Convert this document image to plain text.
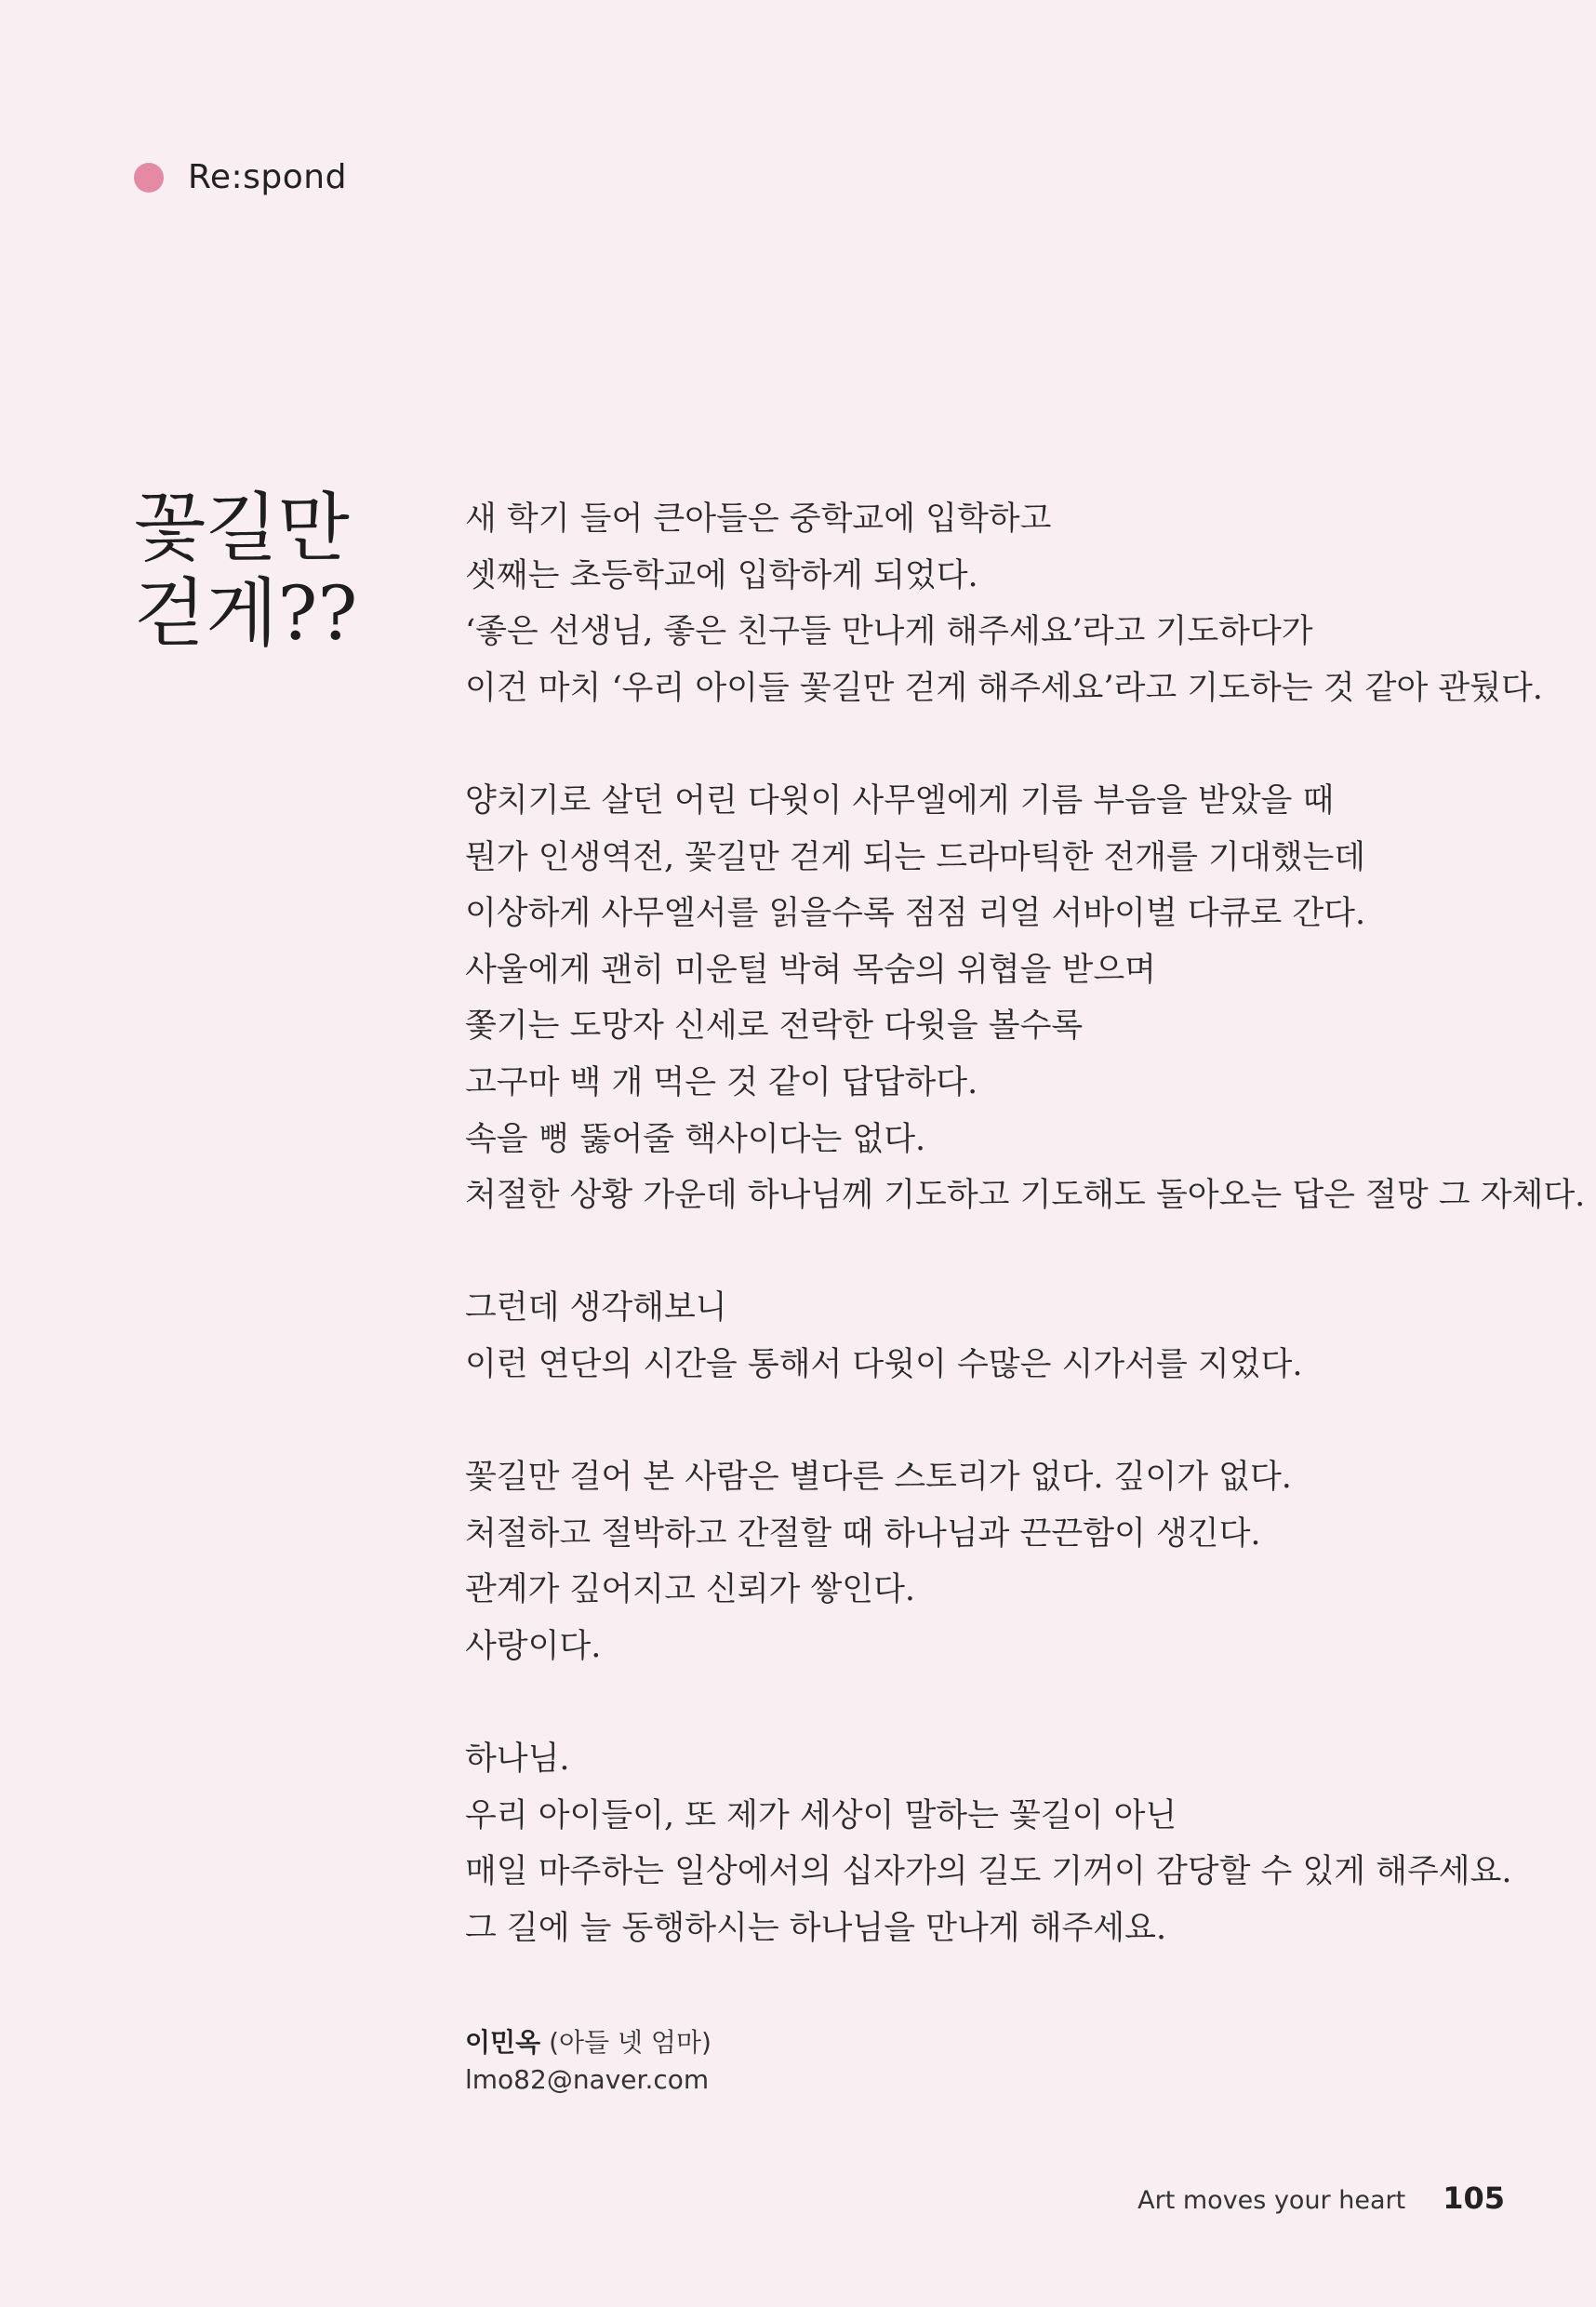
Re:spond
꽃길만
걷게??

새 학기 들어 큰아들은 중학교에 입학하고
셋째는 초등학교에 입학하게 되었다.
‘좋은 선생님, 좋은 친구들 만나게 해주세요’라고 기도하다가
이건 마치 ‘우리 아이들 꽃길만 걷게 해주세요’라고 기도하는 것 같아 관뒀다.

양치기로 살던 어린 다윗이 사무엘에게 기름 부음을 받았을 때
뭔가 인생역전, 꽃길만 걷게 되는 드라마틱한 전개를 기대했는데
이상하게 사무엘서를 읽을수록 점점 리얼 서바이벌 다큐로 간다.
사울에게 괜히 미운털 박혀 목숨의 위협을 받으며
쫓기는 도망자 신세로 전락한 다윗을 볼수록
고구마 백 개 먹은 것 같이 답답하다.
속을 뻥 뚫어줄 핵사이다는 없다.
처절한 상황 가운데 하나님께 기도하고 기도해도 돌아오는 답은 절망 그 자체다.

그런데 생각해보니
이런 연단의 시간을 통해서 다윗이 수많은 시가서를 지었다.

꽃길만 걸어 본 사람은 별다른 스토리가 없다. 깊이가 없다.
처절하고 절박하고 간절할 때 하나님과 끈끈함이 생긴다.
관계가 깊어지고 신뢰가 쌓인다.
사랑이다.

하나님.
우리 아이들이, 또 제가 세상이 말하는 꽃길이 아닌
매일 마주하는 일상에서의 십자가의 길도 기꺼이 감당할 수 있게 해주세요.
그 길에 늘 동행하시는 하나님을 만나게 해주세요.

이민옥 (아들 넷 엄마)
lmo82@naver.com
Art moves your heart 105
